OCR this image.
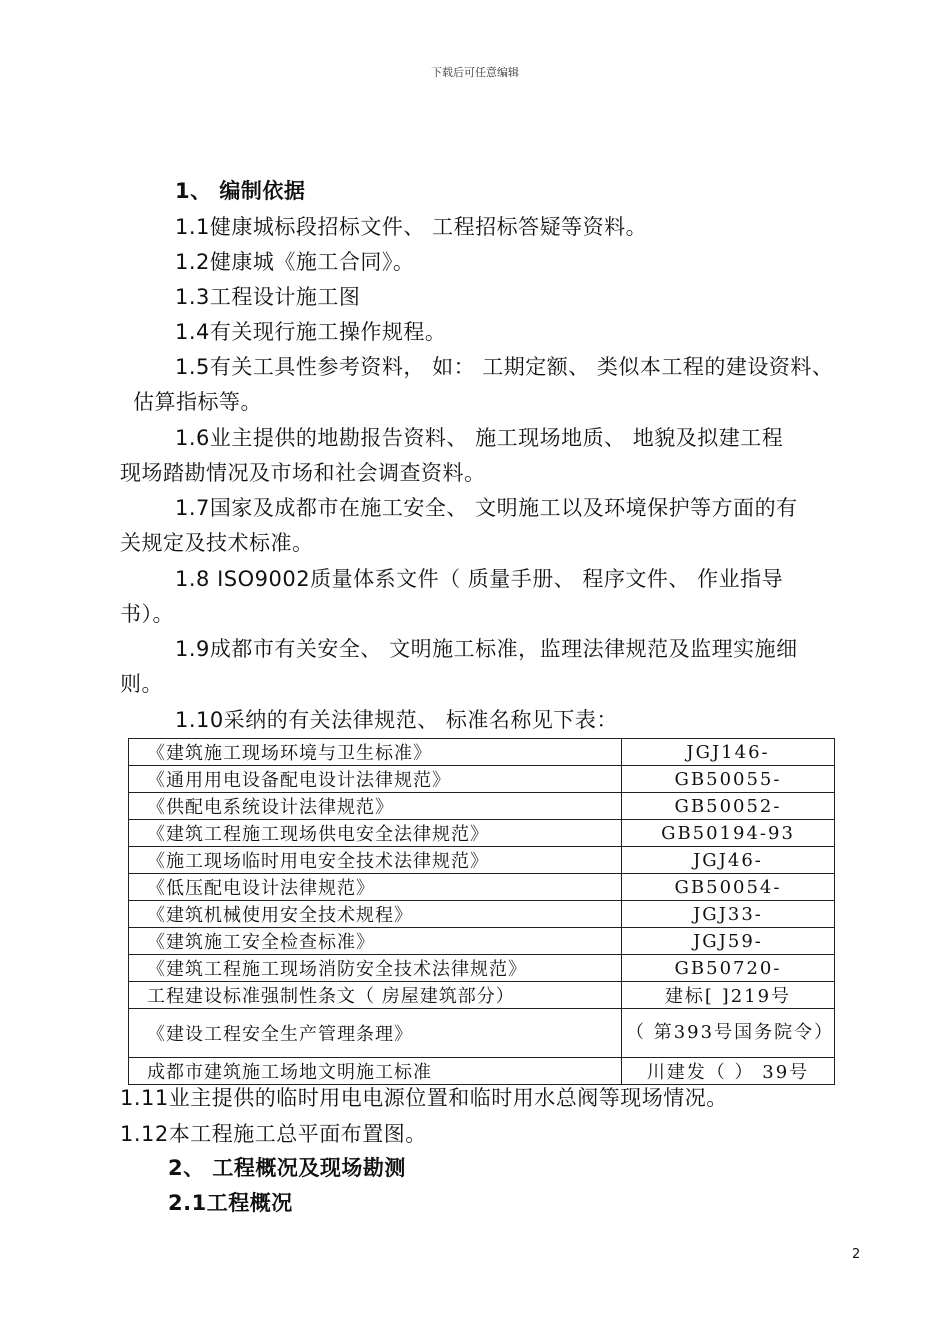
下载后可任意编辑
1、 编制依据
1.1健康城标段招标文件、 工程招标答疑等资料。
1.2健康城《施工合同》。
1.3工程设计施工图
1.4有关现行施工操作规程。
1.5有关工具性参考资料， 如： 工期定额、 类似本工程的建设资料、
估算指标等。
1.6业主提供的地勘报告资料、 施工现场地质、 地貌及拟建工程
现场踏勘情况及市场和社会调查资料。
1.7国家及成都市在施工安全、 文明施工以及环境保护等方面的有
关规定及技术标准。
1.8 ISO9002质量体系文件（ 质量手册、 程序文件、 作业指导
书）。
1.9成都市有关安全、 文明施工标准，监理法律规范及监理实施细
则。
1.10采纳的有关法律规范、 标准名称见下表：
《建筑施工现场环境与卫生标准》	JGJ146-
《通用用电设备配电设计法律规范》	GB50055-
《供配电系统设计法律规范》	GB50052-
《建筑工程施工现场供电安全法律规范》	GB50194-93
《施工现场临时用电安全技术法律规范》	JGJ46-
《低压配电设计法律规范》	GB50054-
《建筑机械使用安全技术规程》	JGJ33-
《建筑施工安全检查标准》	JGJ59-
《建筑工程施工现场消防安全技术法律规范》	GB50720-
工程建设标准强制性条文（ 房屋建筑部分）	建标[ ]219号
《建设工程安全生产管理条理》	（ 第393号国务院令）
成都市建筑施工场地文明施工标准	川建发（ ） 39号
1.11业主提供的临时用电电源位置和临时用水总阀等现场情况。
1.12本工程施工总平面布置图。
2、 工程概况及现场勘测
2.1工程概况
2
